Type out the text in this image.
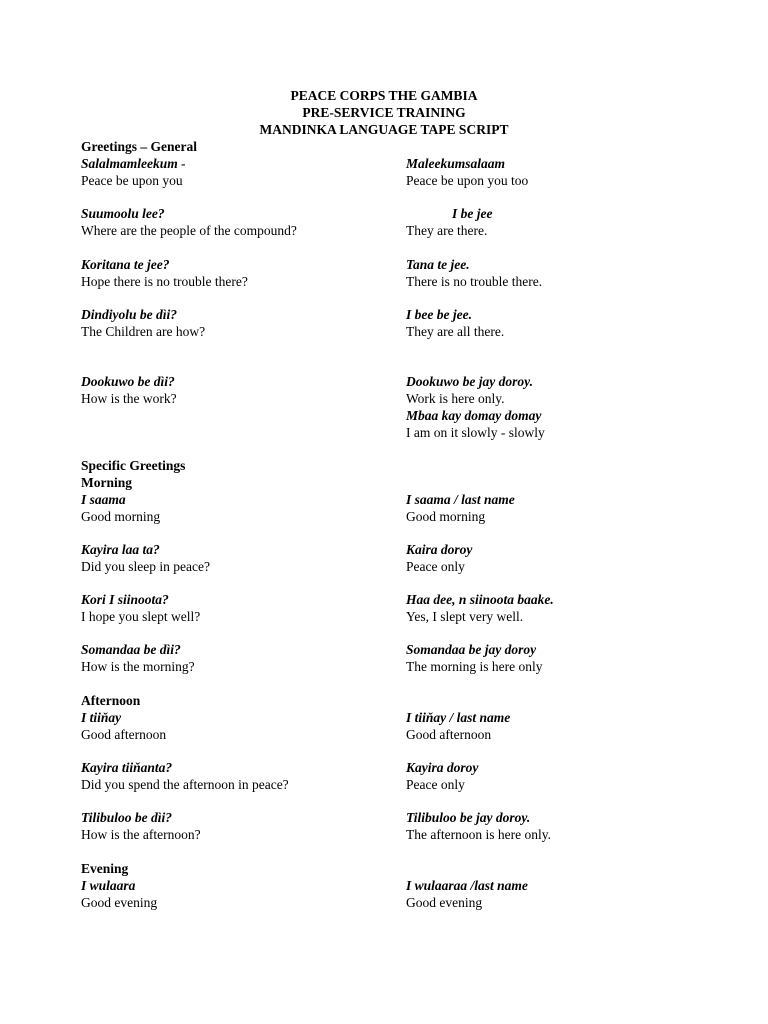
PEACE CORPS THE GAMBIA
PRE-SERVICE TRAINING
MANDINKA LANGUAGE TAPE SCRIPT
Greetings – General
Salalmamleekum -
Peace be upon you
Maleekumsalaam
Peace be upon you too
Suumoolu lee?
Where are the people of the compound?
I be jee
They are there.
Koritana te jee?
Hope there is no trouble there?
Tana te jee.
There is no trouble there.
Dindiyolu be dìi?
The Children are how?
I bee be jee.
They are all there.
Dookuwo be dìi?
How is the work?
Dookuwo be jay doroy.
Work is here only.
Mbaa kay domay domay
I am on it slowly - slowly
Specific Greetings
Morning
I saama
Good morning
I saama / last name
Good morning
Kayira laa ta?
Did you sleep in peace?
Kaira doroy
Peace only
Kori I siinoota?
I hope you slept well?
Haa dee, n siinoota baake.
Yes, I slept very well.
Somandaa be dìi?
How is the morning?
Somandaa be jay doroy
The morning is here only
Afternoon
I tiiňay
Good afternoon
I tiiňay / last name
Good afternoon
Kayira tiiňanta?
Did you spend the afternoon in peace?
Kayira doroy
Peace only
Tilibuloo be dìi?
How is the afternoon?
Tilibuloo be jay doroy.
The afternoon is here only.
Evening
I wulaara
Good evening
I wulaaraa /last name
Good evening
